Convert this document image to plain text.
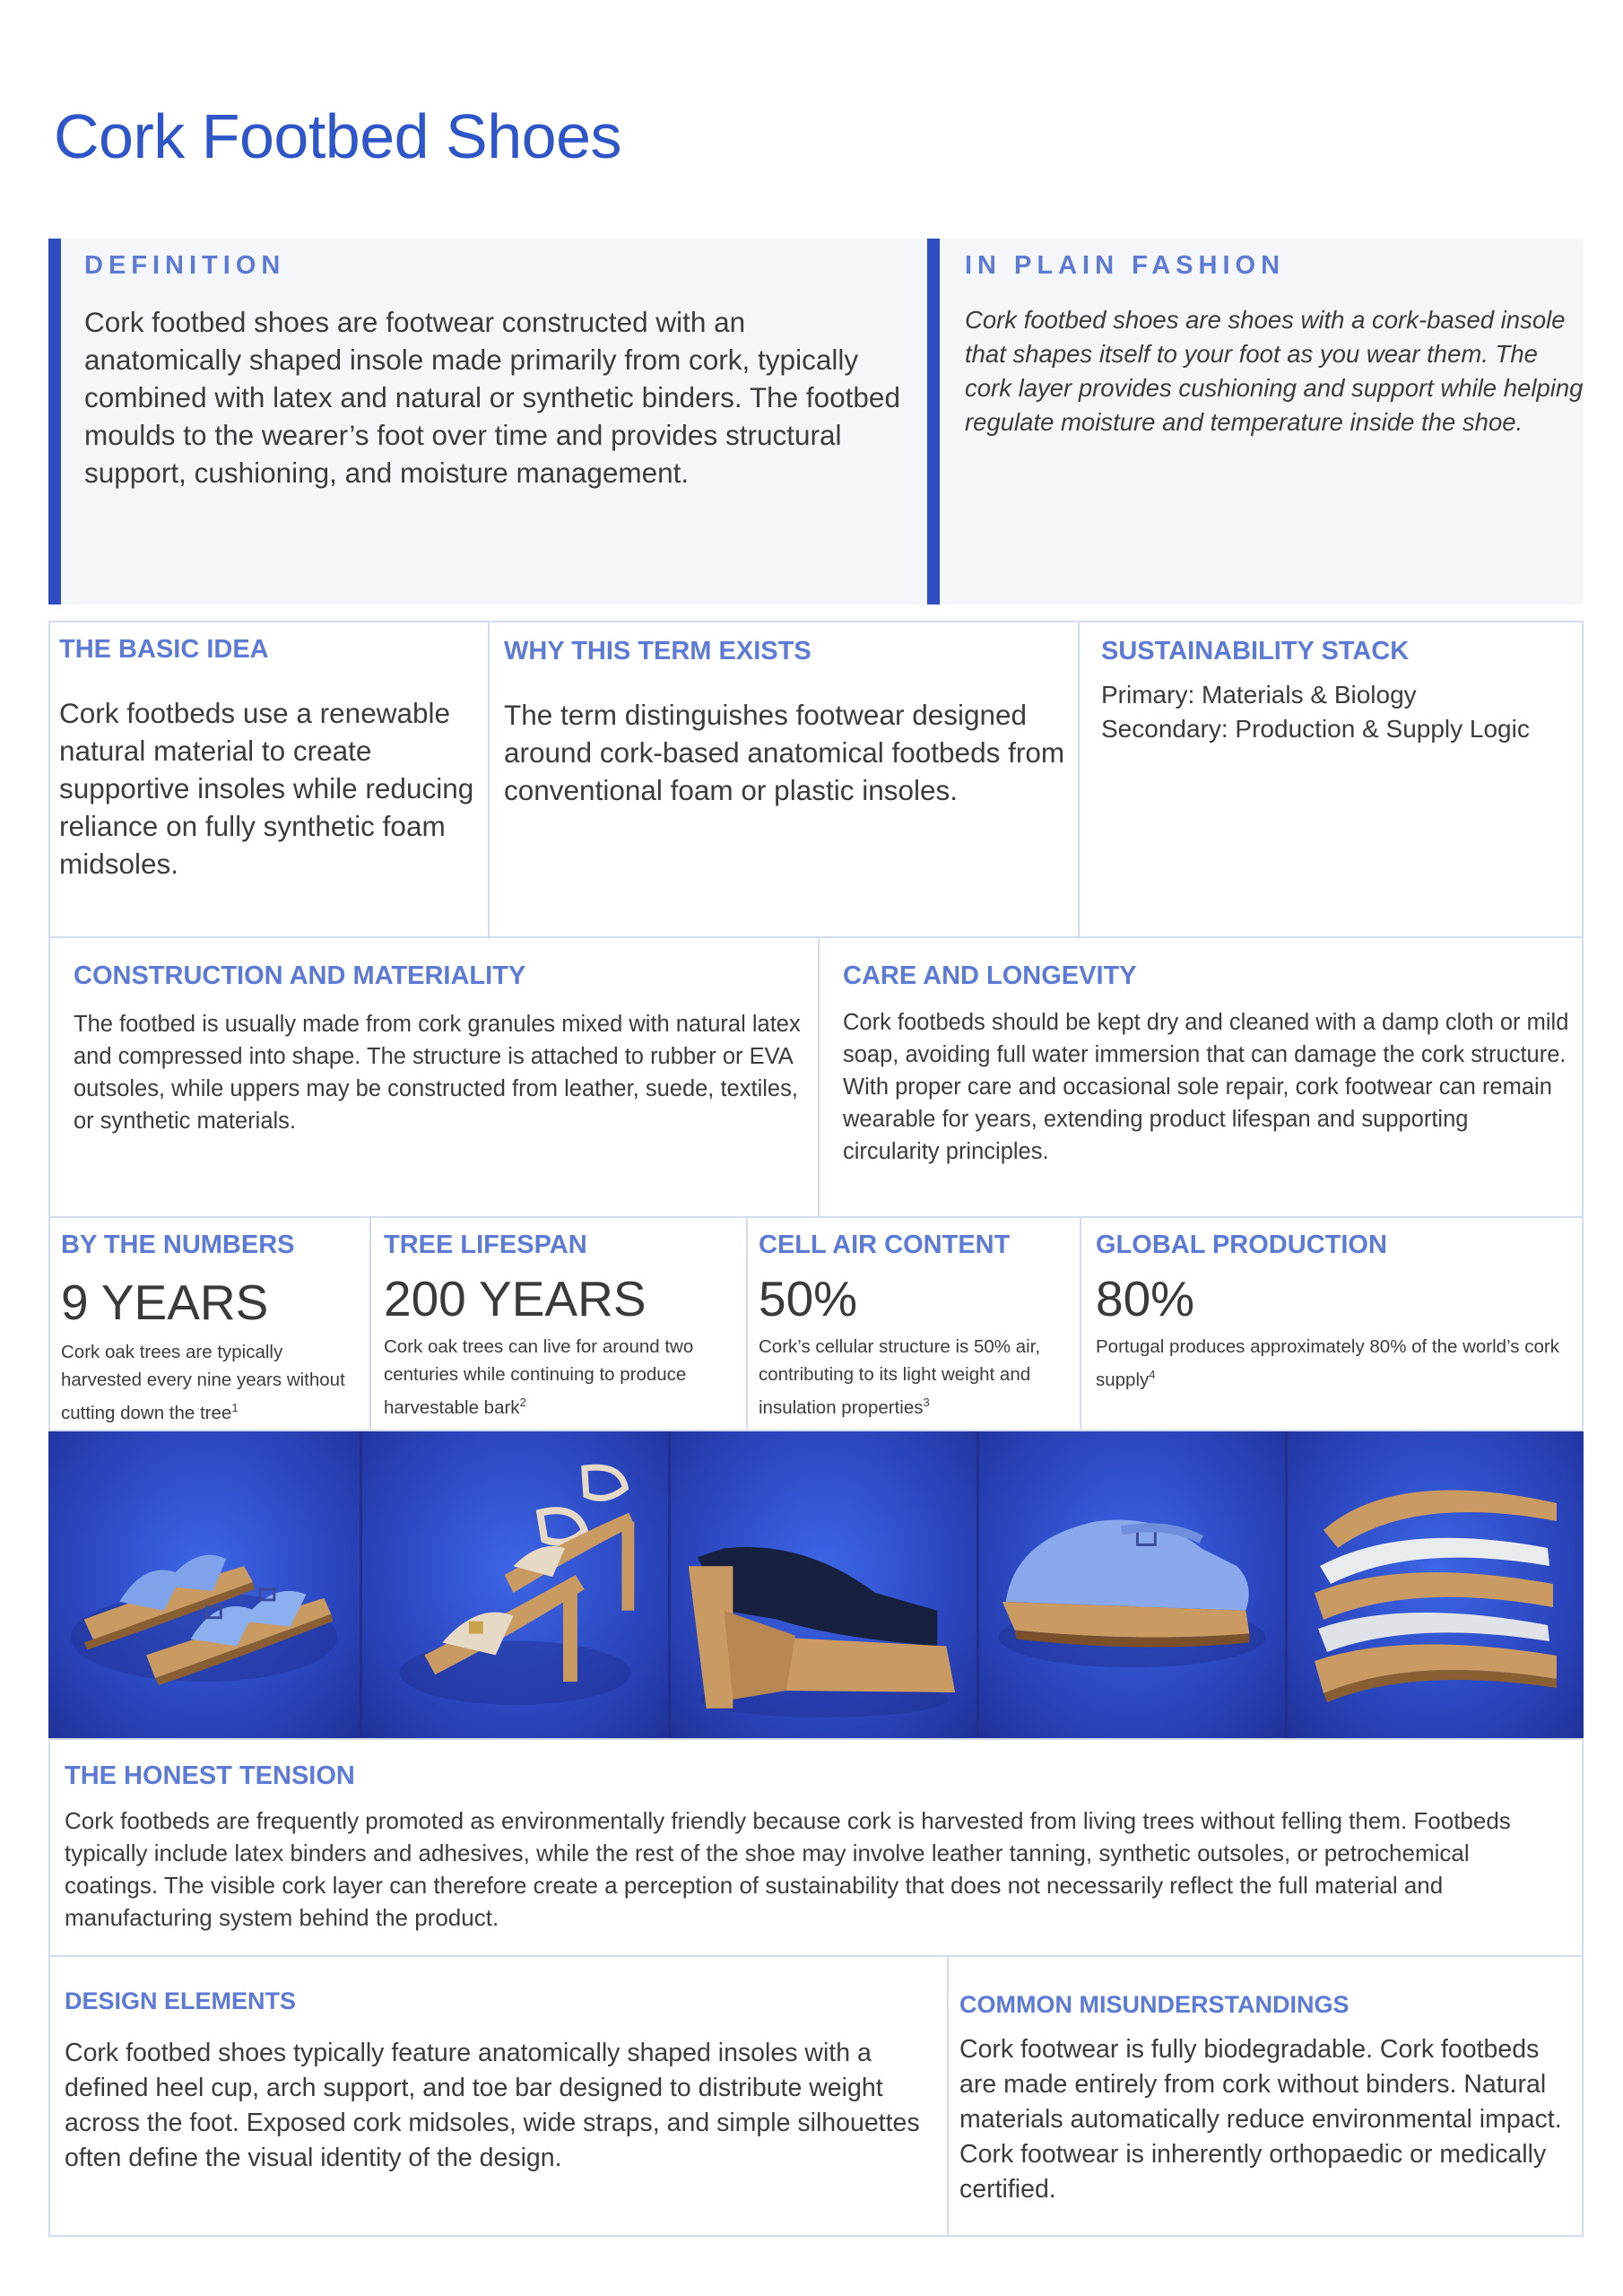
Cork Footbed Shoes
DEFINITION
Cork footbed shoes are footwear constructed with an anatomically shaped insole made primarily from cork, typically combined with latex and natural or synthetic binders. The footbed moulds to the wearer’s foot over time and provides structural support, cushioning, and moisture management.
IN PLAIN FASHION
Cork footbed shoes are shoes with a cork-based insole that shapes itself to your foot as you wear them. The cork layer provides cushioning and support while helping regulate moisture and temperature inside the shoe.
THE BASIC IDEA
Cork footbeds use a renewable natural material to create supportive insoles while reducing reliance on fully synthetic foam midsoles.
WHY THIS TERM EXISTS
The term distinguishes footwear designed around cork-based anatomical footbeds from conventional foam or plastic insoles.
SUSTAINABILITY STACK
Primary: Materials & Biology
Secondary: Production & Supply Logic
CONSTRUCTION AND MATERIALITY
The footbed is usually made from cork granules mixed with natural latex and compressed into shape. The structure is attached to rubber or EVA outsoles, while uppers may be constructed from leather, suede, textiles, or synthetic materials.
CARE AND LONGEVITY
Cork footbeds should be kept dry and cleaned with a damp cloth or mild soap, avoiding full water immersion that can damage the cork structure. With proper care and occasional sole repair, cork footwear can remain wearable for years, extending product lifespan and supporting circularity principles.
BY THE NUMBERS
9 YEARS
Cork oak trees are typically harvested every nine years without cutting down the tree$^1$
TREE LIFESPAN
200 YEARS
Cork oak trees can live for around two centuries while continuing to produce harvestable bark$^2$
CELL AIR CONTENT
50%
Cork’s cellular structure is 50% air, contributing to its light weight and insulation properties$^3$
GLOBAL PRODUCTION
80%
Portugal produces approximately 80% of the world’s cork supply$^4$
THE HONEST TENSION
Cork footbeds are frequently promoted as environmentally friendly because cork is harvested from living trees without felling them. Footbeds typically include latex binders and adhesives, while the rest of the shoe may involve leather tanning, synthetic outsoles, or petrochemical coatings. The visible cork layer can therefore create a perception of sustainability that does not necessarily reflect the full material and manufacturing system behind the product.
DESIGN ELEMENTS
Cork footbed shoes typically feature anatomically shaped insoles with a defined heel cup, arch support, and toe bar designed to distribute weight across the foot. Exposed cork midsoles, wide straps, and simple silhouettes often define the visual identity of the design.
COMMON MISUNDERSTANDINGS
Cork footwear is fully biodegradable. Cork footbeds are made entirely from cork without binders. Natural materials automatically reduce environmental impact. Cork footwear is inherently orthopaedic or medically certified.
